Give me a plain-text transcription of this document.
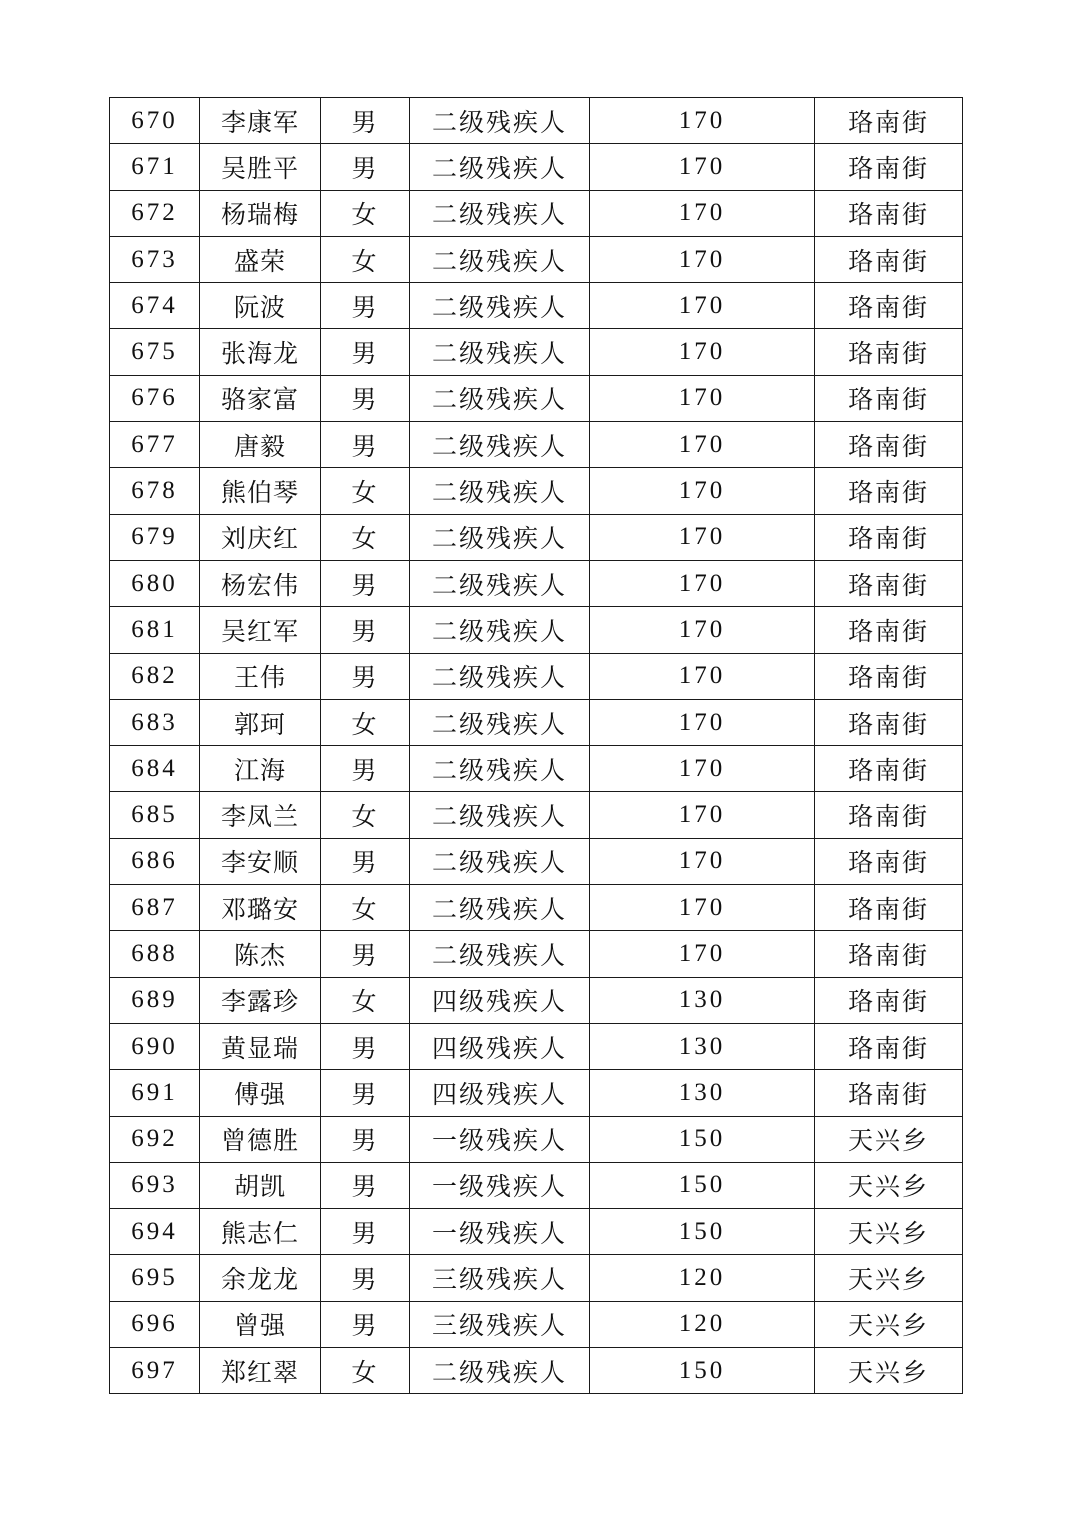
670	李康军	男	二级残疾人	170	珞南街
671	吴胜平	男	二级残疾人	170	珞南街
672	杨瑞梅	女	二级残疾人	170	珞南街
673	盛荣	女	二级残疾人	170	珞南街
674	阮波	男	二级残疾人	170	珞南街
675	张海龙	男	二级残疾人	170	珞南街
676	骆家富	男	二级残疾人	170	珞南街
677	唐毅	男	二级残疾人	170	珞南街
678	熊伯琴	女	二级残疾人	170	珞南街
679	刘庆红	女	二级残疾人	170	珞南街
680	杨宏伟	男	二级残疾人	170	珞南街
681	吴红军	男	二级残疾人	170	珞南街
682	王伟	男	二级残疾人	170	珞南街
683	郭珂	女	二级残疾人	170	珞南街
684	江海	男	二级残疾人	170	珞南街
685	李凤兰	女	二级残疾人	170	珞南街
686	李安顺	男	二级残疾人	170	珞南街
687	邓璐安	女	二级残疾人	170	珞南街
688	陈杰	男	二级残疾人	170	珞南街
689	李露珍	女	四级残疾人	130	珞南街
690	黄显瑞	男	四级残疾人	130	珞南街
691	傅强	男	四级残疾人	130	珞南街
692	曾德胜	男	一级残疾人	150	天兴乡
693	胡凯	男	一级残疾人	150	天兴乡
694	熊志仁	男	一级残疾人	150	天兴乡
695	余龙龙	男	三级残疾人	120	天兴乡
696	曾强	男	三级残疾人	120	天兴乡
697	郑红翠	女	二级残疾人	150	天兴乡
